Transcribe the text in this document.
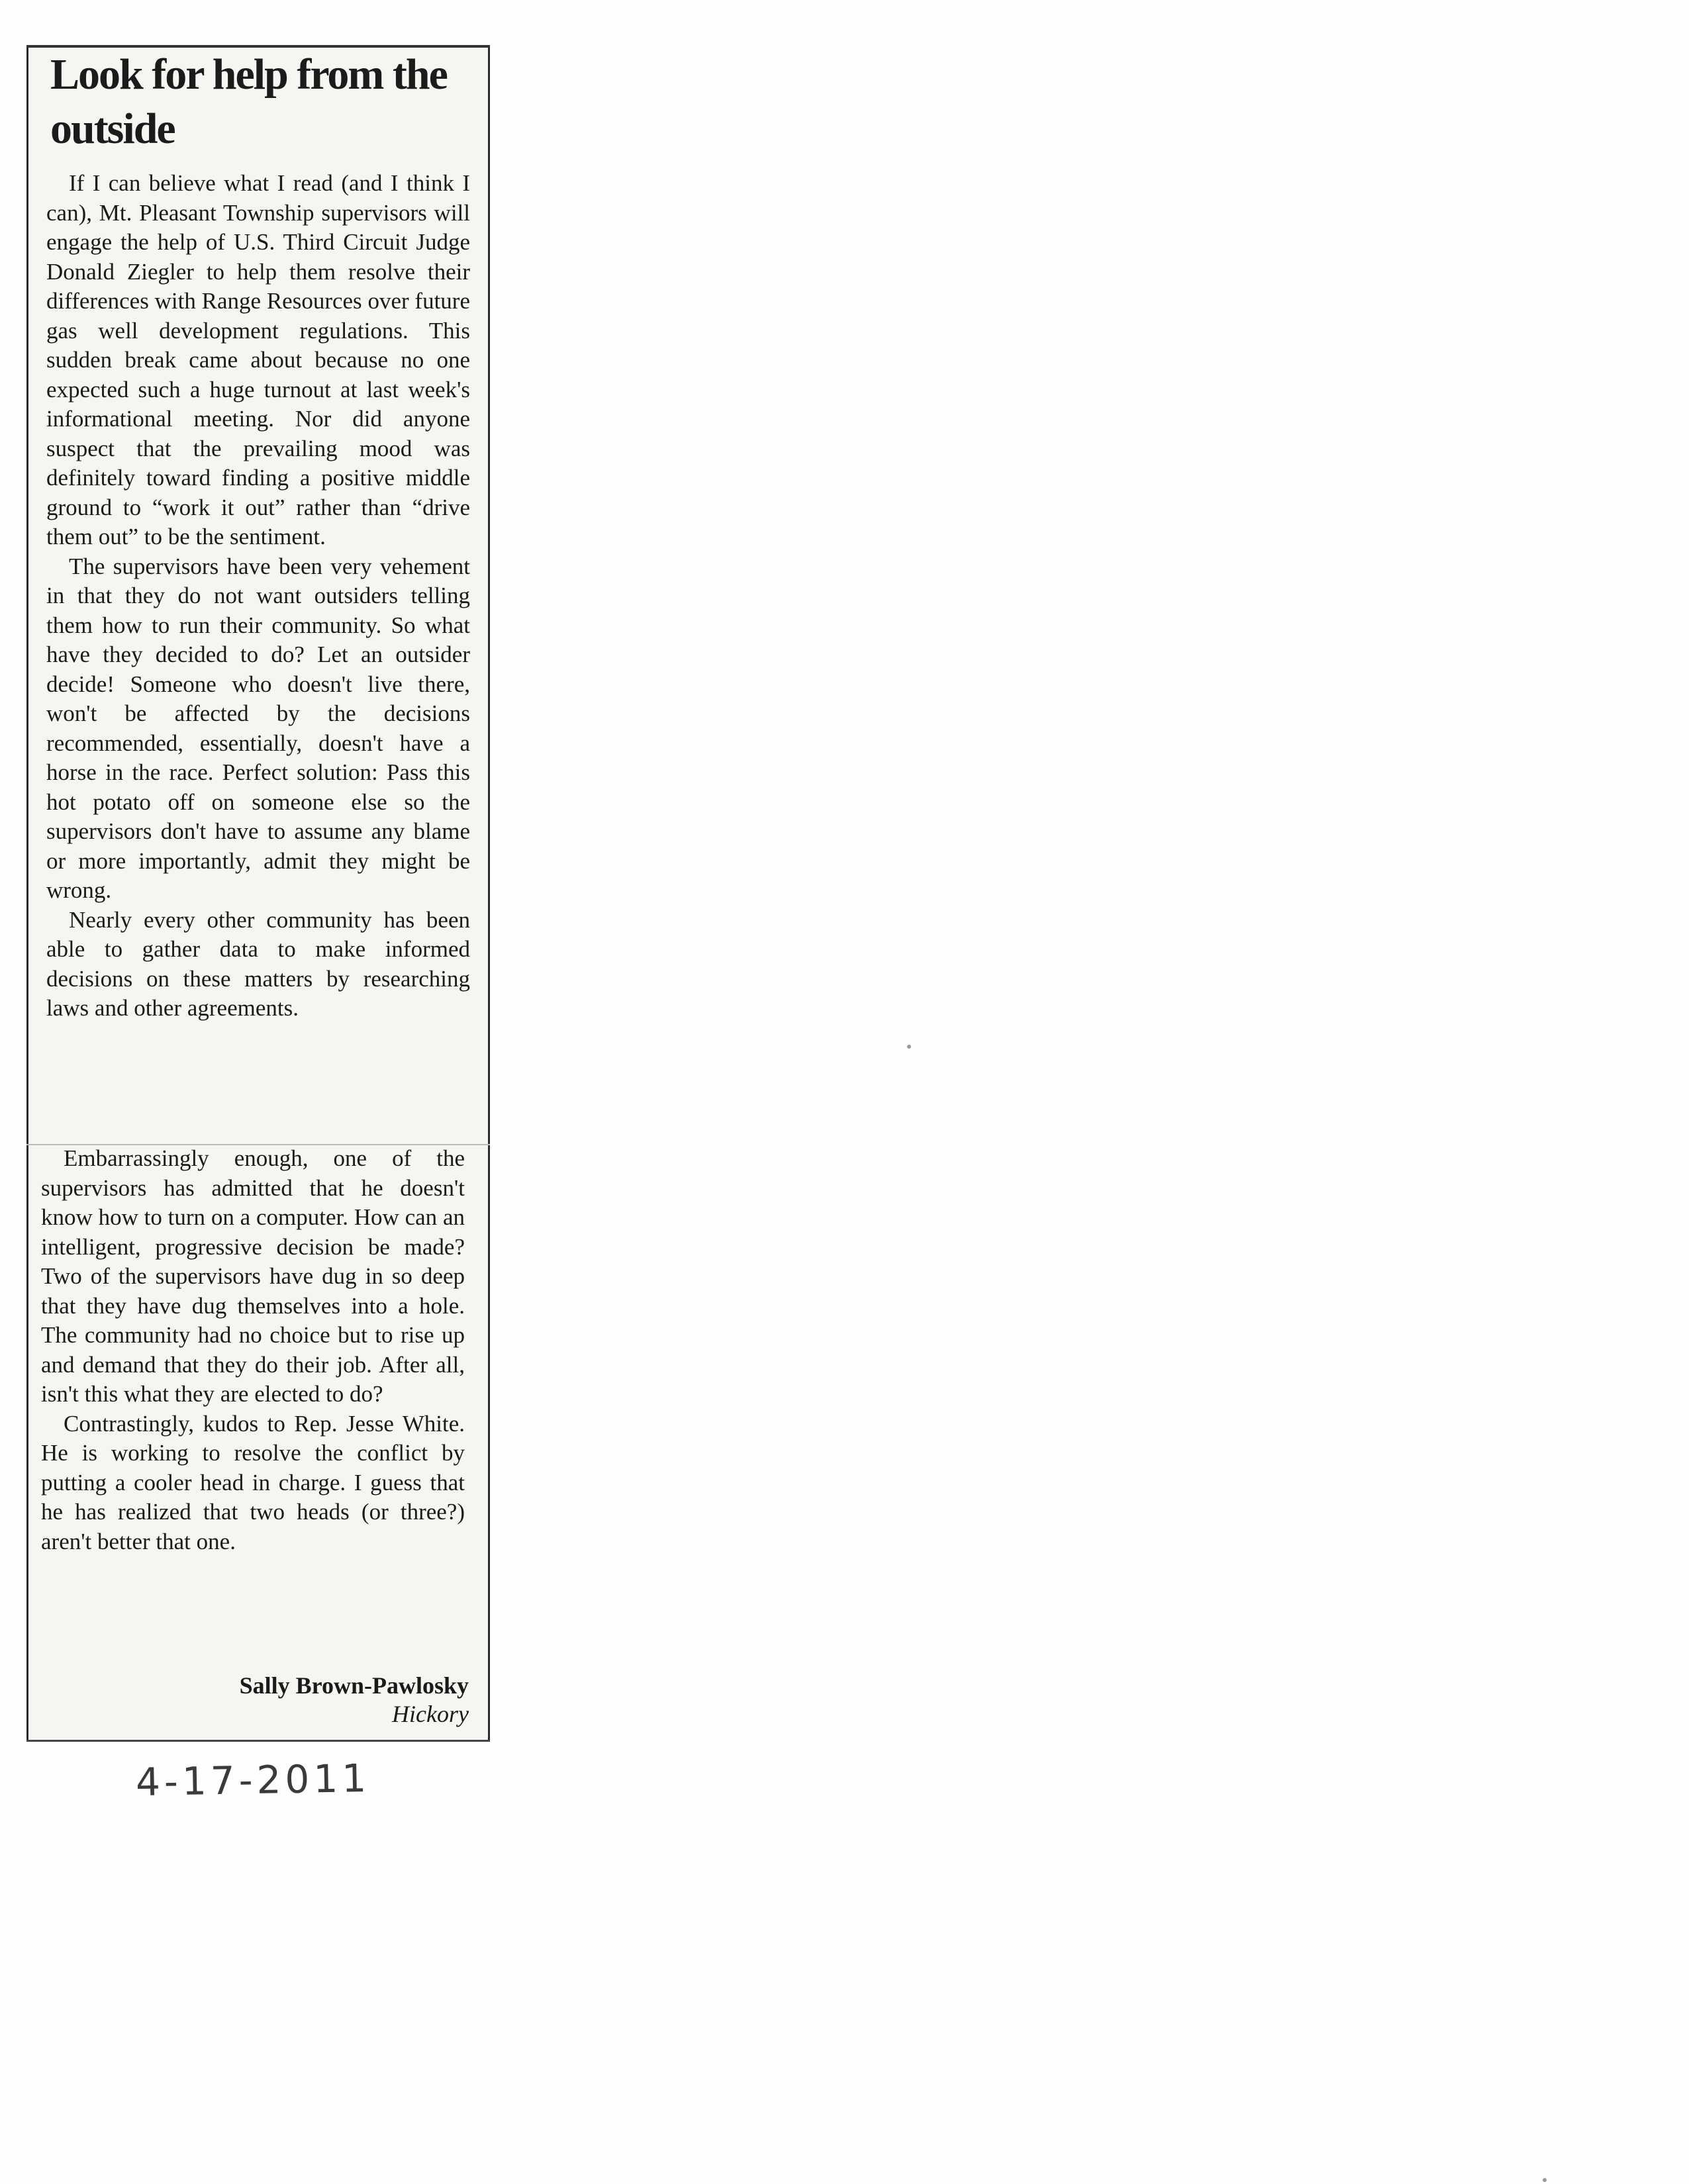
Look for help from the outside

If I can believe what I read (and I think I can), Mt. Pleasant Township supervisors will engage the help of U.S. Third Circuit Judge Donald Ziegler to help them resolve their differences with Range Resources over future gas well development regulations. This sudden break came about because no one expected such a huge turnout at last week's informational meeting. Nor did anyone suspect that the prevailing mood was definitely toward finding a positive middle ground to “work it out” rather than “drive them out” to be the sentiment.

The supervisors have been very vehement in that they do not want outsiders telling them how to run their community. So what have they decided to do? Let an outsider decide! Someone who doesn't live there, won't be affected by the decisions recommended, essentially, doesn't have a horse in the race. Perfect solution: Pass this hot potato off on someone else so the supervisors don't have to assume any blame or more importantly, admit they might be wrong.

Nearly every other community has been able to gather data to make informed decisions on these matters by researching laws and other agreements.

Embarrassingly enough, one of the supervisors has admitted that he doesn't know how to turn on a computer. How can an intelligent, progressive decision be made? Two of the supervisors have dug in so deep that they have dug themselves into a hole. The community had no choice but to rise up and demand that they do their job. After all, isn't this what they are elected to do?

Contrastingly, kudos to Rep. Jesse White. He is working to resolve the conflict by putting a cooler head in charge. I guess that he has realized that two heads (or three?) aren't better that one.

Sally Brown-Pawlosky
Hickory
4-17-2011
